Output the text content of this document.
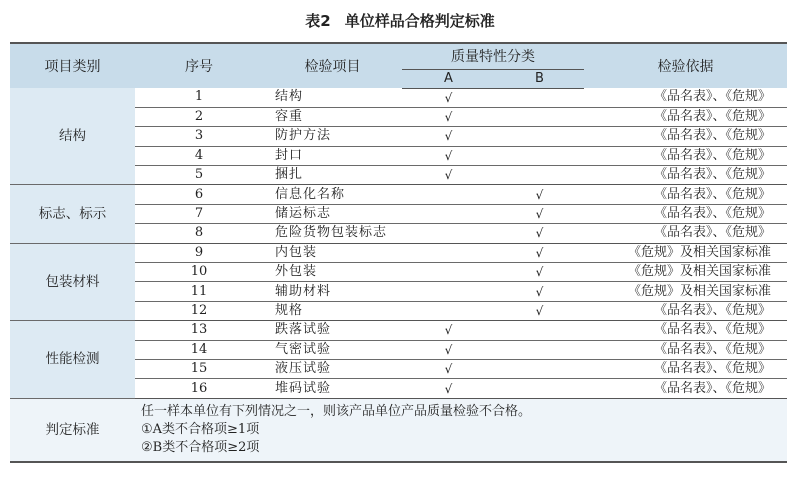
表2 单位样品合格判定标准
项目类别	序号	检验项目	质量特性分类		检验依据
			A	B	
结构	1	结构	√		《品名表》、《危规》
	2	容重	√		《品名表》、《危规》
	3	防护方法	√		《品名表》、《危规》
	4	封口	√		《品名表》、《危规》
	5	捆扎	√		《品名表》、《危规》
标志、标示	6	信息化名称		√	《品名表》、《危规》
	7	储运标志		√	《品名表》、《危规》
	8	危险货物包装标志		√	《品名表》、《危规》
包装材料	9	内包装		√	《危规》及相关国家标准
	10	外包装		√	《危规》及相关国家标准
	11	辅助材料		√	《危规》及相关国家标准
	12	规格		√	《品名表》、《危规》
性能检测	13	跌落试验	√		《品名表》、《危规》
	14	气密试验	√		《品名表》、《危规》
	15	液压试验	√		《品名表》、《危规》
	16	堆码试验	√		《品名表》、《危规》
判定标准	任一样本单位有下列情况之一，则该产品单位产品质量检验不合格。
①A类不合格项≥1项
②B类不合格项≥2项				
